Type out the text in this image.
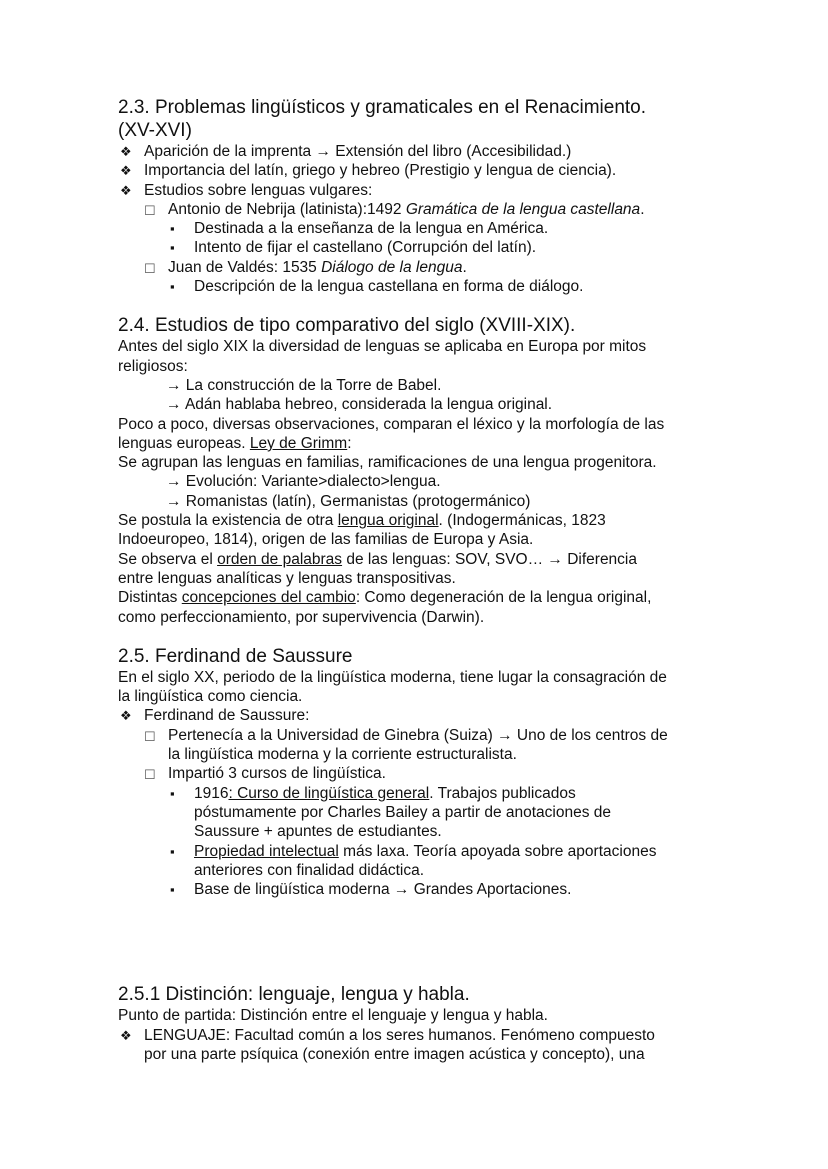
2.3. Problemas lingüísticos y gramaticales en el Renacimiento.
(XV-XVI)
❖ Aparición de la imprenta → Extensión del libro (Accesibilidad.)
❖ Importancia del latín, griego y hebreo (Prestigio y lengua de ciencia).
❖ Estudios sobre lenguas vulgares:
☐ Antonio de Nebrija (latinista):1492 Gramática de la lengua castellana.
▪ Destinada a la enseñanza de la lengua en América.
▪ Intento de fijar el castellano (Corrupción del latín).
☐ Juan de Valdés: 1535 Diálogo de la lengua.
▪ Descripción de la lengua castellana en forma de diálogo.
2.4. Estudios de tipo comparativo del siglo (XVIII-XIX).
Antes del siglo XIX la diversidad de lenguas se aplicaba en Europa por mitos
religiosos:
→ La construcción de la Torre de Babel.
→ Adán hablaba hebreo, considerada la lengua original.
Poco a poco, diversas observaciones, comparan el léxico y la morfología de las
lenguas europeas. Ley de Grimm:
Se agrupan las lenguas en familias, ramificaciones de una lengua progenitora.
→ Evolución: Variante>dialecto>lengua.
→ Romanistas (latín), Germanistas (protogermánico)
Se postula la existencia de otra lengua original. (Indogermánicas, 1823
Indoeuropeo, 1814), origen de las familias de Europa y Asia.
Se observa el orden de palabras de las lenguas: SOV, SVO… → Diferencia
entre lenguas analíticas y lenguas transpositivas.
Distintas concepciones del cambio: Como degeneración de la lengua original,
como perfeccionamiento, por supervivencia (Darwin).
2.5. Ferdinand de Saussure
En el siglo XX, periodo de la lingüística moderna, tiene lugar la consagración de
la lingüística como ciencia.
❖ Ferdinand de Saussure:
☐ Pertenecía a la Universidad de Ginebra (Suiza) → Uno de los centros de
la lingüística moderna y la corriente estructuralista.
☐ Impartió 3 cursos de lingüística.
▪ 1916: Curso de lingüística general. Trabajos publicados
póstumamente por Charles Bailey a partir de anotaciones de
Saussure + apuntes de estudiantes.
▪ Propiedad intelectual más laxa. Teoría apoyada sobre aportaciones
anteriores con finalidad didáctica.
▪ Base de lingüística moderna → Grandes Aportaciones.
2.5.1 Distinción: lenguaje, lengua y habla.
Punto de partida: Distinción entre el lenguaje y lengua y habla.
❖ LENGUAJE: Facultad común a los seres humanos. Fenómeno compuesto
por una parte psíquica (conexión entre imagen acústica y concepto), una
